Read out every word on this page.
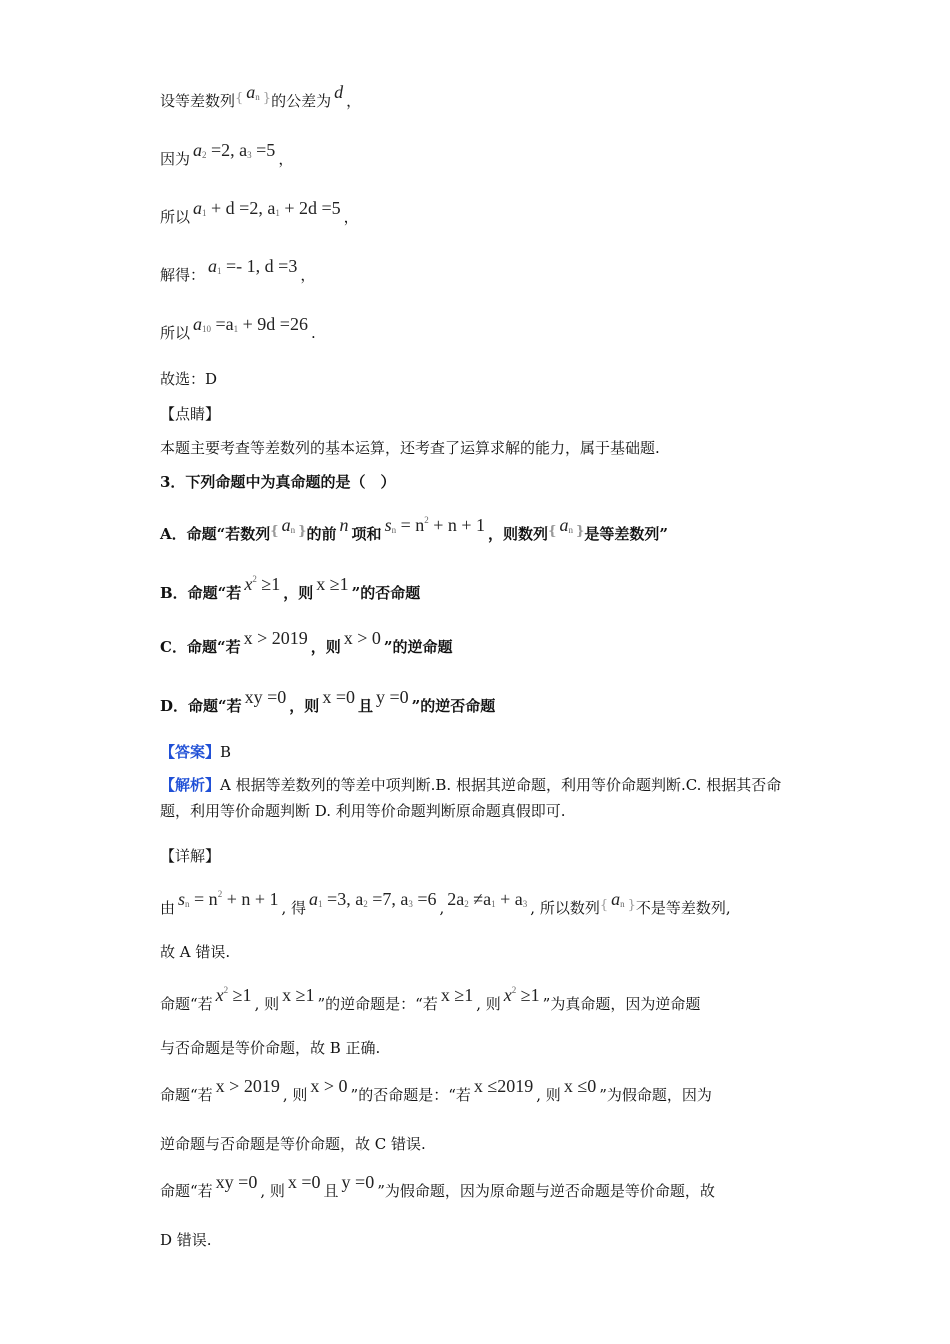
设等差数列{ $a_n$ }的公差为 d ，
因为 $a_2 =2$, $a_3 =5$ ，
所以 $a_1 + d =2$, $a_1 + 2d =5$ ，
解得： $a_1 =- 1$, d =3 ，
所以 $a_{10} =a_1 + 9d =26$ .
故选：D
【点睛】
本题主要考查等差数列的基本运算，还考查了运算求解的能力，属于基础题.
3．下列命题中为真命题的是（　）
A．命题“若数列{ $a_n$ }的前 n 项和 $s_n = n^2 + n + 1$ ，则数列{ $a_n$ }是等差数列”
B．命题“若 $x^2 \ge 1$ ，则 x ≥1 ”的否命题
C．命题“若 x > 2019 ，则 x > 0 ”的逆命题
D．命题“若 xy =0 ，则 x =0 且 y =0 ”的逆否命题
【答案】B
【解析】A 根据等差数列的等差中项判断.B. 根据其逆命题，利用等价命题判断.C. 根据其否命题，利用等价命题判断 D. 利用等价命题判断原命题真假即可.
【详解】
由 $s_n = n^2 + n + 1$ , 得 $a_1 =3$, $a_2 =7$, $a_3 =6$ , $2a_2 \ne a_1 + a_3$ , 所以数列{ $a_n$ }不是等差数列,
故 A 错误.
命题“若 $x^2 \ge 1$ , 则 x ≥1 ”的逆命题是：“若 x ≥1 , 则 $x^2 \ge 1$ ”为真命题，因为逆命题
与否命题是等价命题，故 B 正确.
命题“若 x > 2019 , 则 x > 0 ”的否命题是：“若 x ≤2019 , 则 x ≤0 ”为假命题，因为
逆命题与否命题是等价命题，故 C 错误.
命题“若 xy =0 , 则 x =0 且 y =0 ”为假命题，因为原命题与逆否命题是等价命题，故
D 错误.
